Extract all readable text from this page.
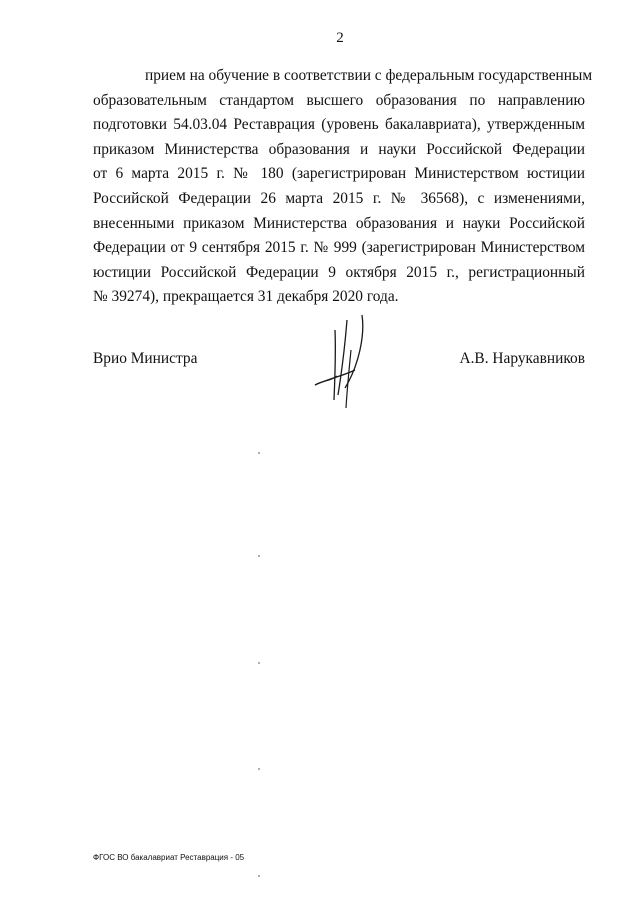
2
прием на обучение в соответствии с федеральным государственным
образовательным стандартом высшего образования по направлению
подготовки 54.03.04 Реставрация (уровень бакалавриата), утвержденным
приказом Министерства образования и науки Российской Федерации
от 6 марта 2015 г. № 180 (зарегистрирован Министерством юстиции
Российской Федерации 26 марта 2015 г. № 36568), с изменениями,
внесенными приказом Министерства образования и науки Российской
Федерации от 9 сентября 2015 г. № 999 (зарегистрирован Министерством
юстиции Российской Федерации 9 октября 2015 г., регистрационный
№ 39274), прекращается 31 декабря 2020 года.
Врио Министра	А.В. Нарукавников
ФГОС ВО бакалавриат Реставрация - 05
